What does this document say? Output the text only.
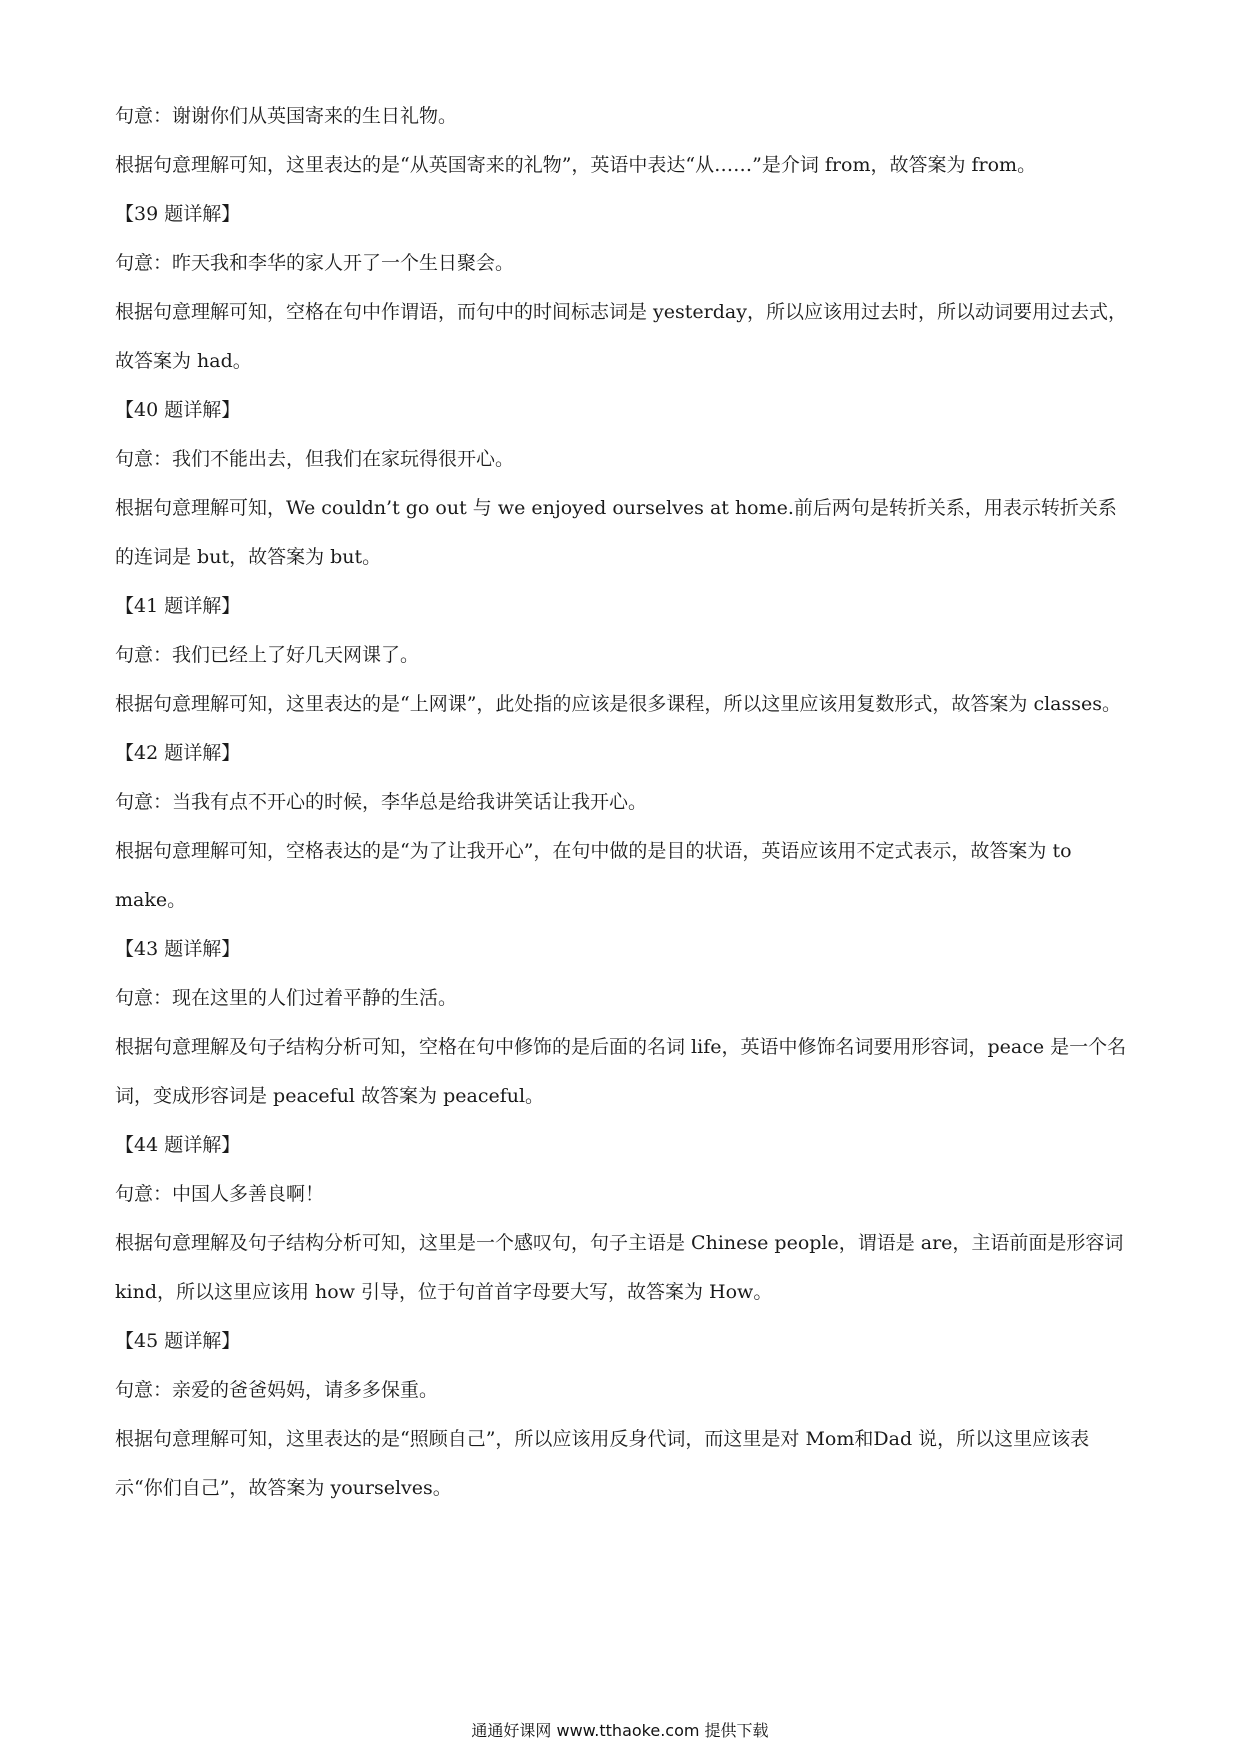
句意：谢谢你们从英国寄来的生日礼物。

根据句意理解可知，这里表达的是“从英国寄来的礼物”，英语中表达“从……”是介词 from，故答案为 from。

【39 题详解】

句意：昨天我和李华的家人开了一个生日聚会。

根据句意理解可知，空格在句中作谓语，而句中的时间标志词是 yesterday，所以应该用过去时，所以动词要用过去式，故答案为 had。

【40 题详解】

句意：我们不能出去，但我们在家玩得很开心。

根据句意理解可知，We couldn’t go out 与 we enjoyed ourselves at home.前后两句是转折关系，用表示转折关系的连词是 but，故答案为 but。

【41 题详解】

句意：我们已经上了好几天网课了。

根据句意理解可知，这里表达的是“上网课”，此处指的应该是很多课程，所以这里应该用复数形式，故答案为 classes。

【42 题详解】

句意：当我有点不开心的时候，李华总是给我讲笑话让我开心。

根据句意理解可知，空格表达的是“为了让我开心”，在句中做的是目的状语，英语应该用不定式表示，故答案为 to make。

【43 题详解】

句意：现在这里的人们过着平静的生活。

根据句意理解及句子结构分析可知，空格在句中修饰的是后面的名词 life，英语中修饰名词要用形容词，peace 是一个名词，变成形容词是 peaceful 故答案为 peaceful。

【44 题详解】

句意：中国人多善良啊！

根据句意理解及句子结构分析可知，这里是一个感叹句，句子主语是 Chinese people，谓语是 are，主语前面是形容词 kind，所以这里应该用 how 引导，位于句首首字母要大写，故答案为 How。

【45 题详解】

句意：亲爱的爸爸妈妈，请多多保重。

根据句意理解可知，这里表达的是“照顾自己”，所以应该用反身代词，而这里是对 Mom和Dad 说，所以这里应该表示“你们自己”，故答案为 yourselves。

通通好课网 www.tthaoke.com 提供下载
